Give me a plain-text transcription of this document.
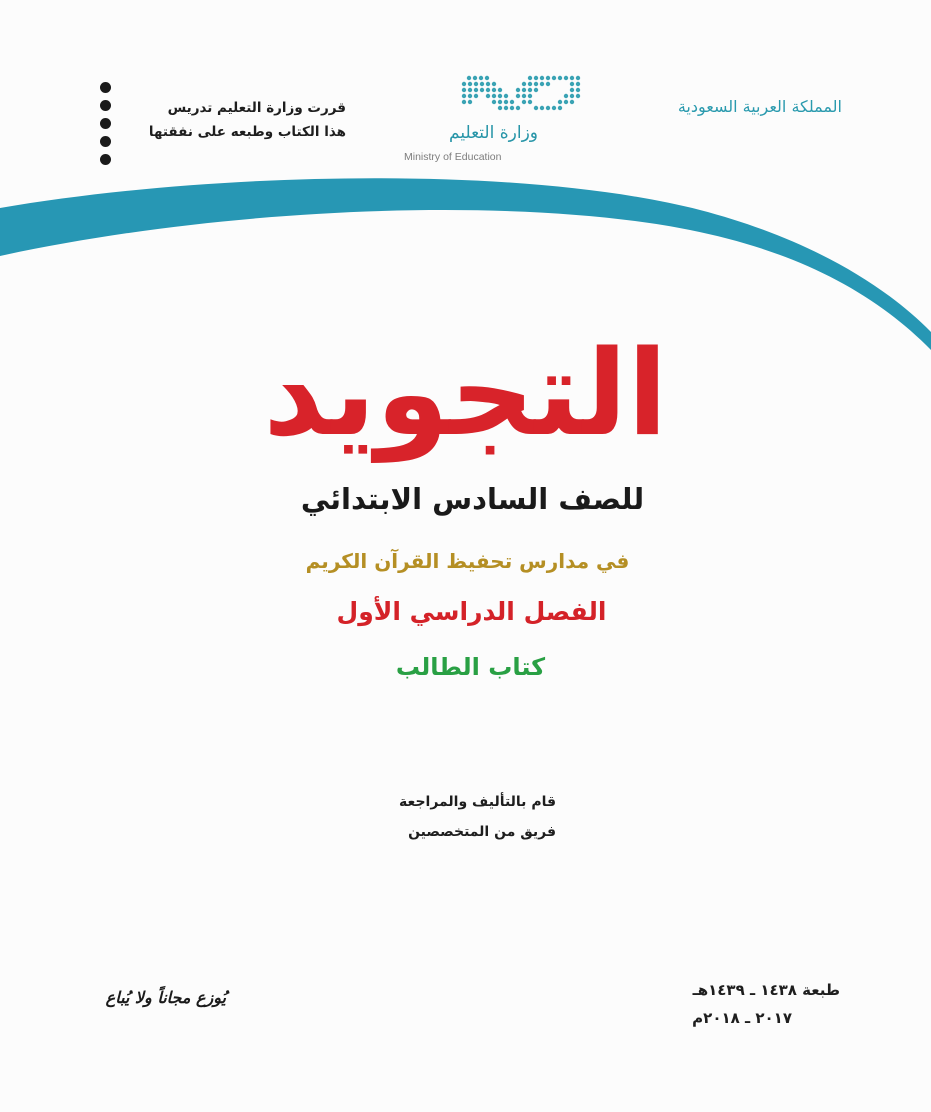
قررت وزارة التعليم تدريس
هذا الكتاب وطبعه على نفقتها	وزارة التعليم
Ministry of Education
المملكة العربية السعودية
التجويد
للصف السادس الابتدائي
في مدارس تحفيظ القرآن الكريم
الفصل الدراسي الأول
كتاب الطالب
قام بالتأليف والمراجعة
فريق من المتخصصين
يُوزع مجاناً ولا يُباع	طبعة ١٤٣٨ ـ ١٤٣٩هـ
٢٠١٧ ـ ٢٠١٨م
